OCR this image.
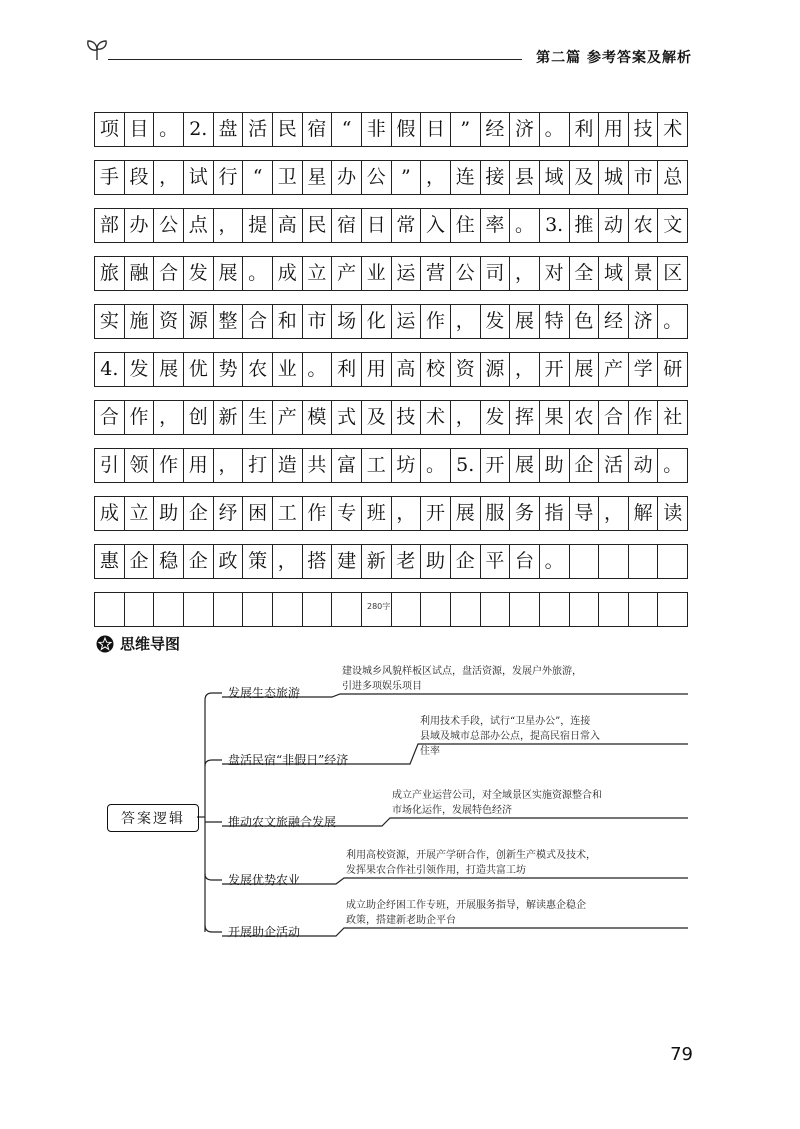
第二篇 参考答案及解析
项 目 。 2. 盘 活 民 宿 “ 非 假 日 ” 经 济 。 利 用 技 术
手 段 ， 试 行 “ 卫 星 办 公 ” ， 连 接 县 域 及 城 市 总
部 办 公 点 ， 提 高 民 宿 日 常 入 住 率 。 3. 推 动 农 文
旅 融 合 发 展 。 成 立 产 业 运 营 公 司 ， 对 全 域 景 区
实 施 资 源 整 合 和 市 场 化 运 作 ， 发 展 特 色 经 济 。
4. 发 展 优 势 农 业 。 利 用 高 校 资 源 ， 开 展 产 学 研
合 作 ， 创 新 生 产 模 式 及 技 术 ， 发 挥 果 农 合 作 社
引 领 作 用 ， 打 造 共 富 工 坊 。 5. 开 展 助 企 活 动 。
成 立 助 企 纾 困 工 作 专 班 ， 开 展 服 务 指 导 ， 解 读
惠 企 稳 企 政 策 ， 搭 建 新 老 助 企 平 台 。
280字
思维导图
答案逻辑
发展生态旅游
建设城乡风貌样板区试点，盘活资源，发展户外旅游，
引进多项娱乐项目
盘活民宿“非假日”经济
利用技术手段，试行“卫星办公”，连接
县域及城市总部办公点，提高民宿日常入
住率
推动农文旅融合发展
成立产业运营公司，对全域景区实施资源整合和
市场化运作，发展特色经济
发展优势农业
利用高校资源，开展产学研合作，创新生产模式及技术，
发挥果农合作社引领作用，打造共富工坊
开展助企活动
成立助企纾困工作专班，开展服务指导，解读惠企稳企
政策，搭建新老助企平台
79
